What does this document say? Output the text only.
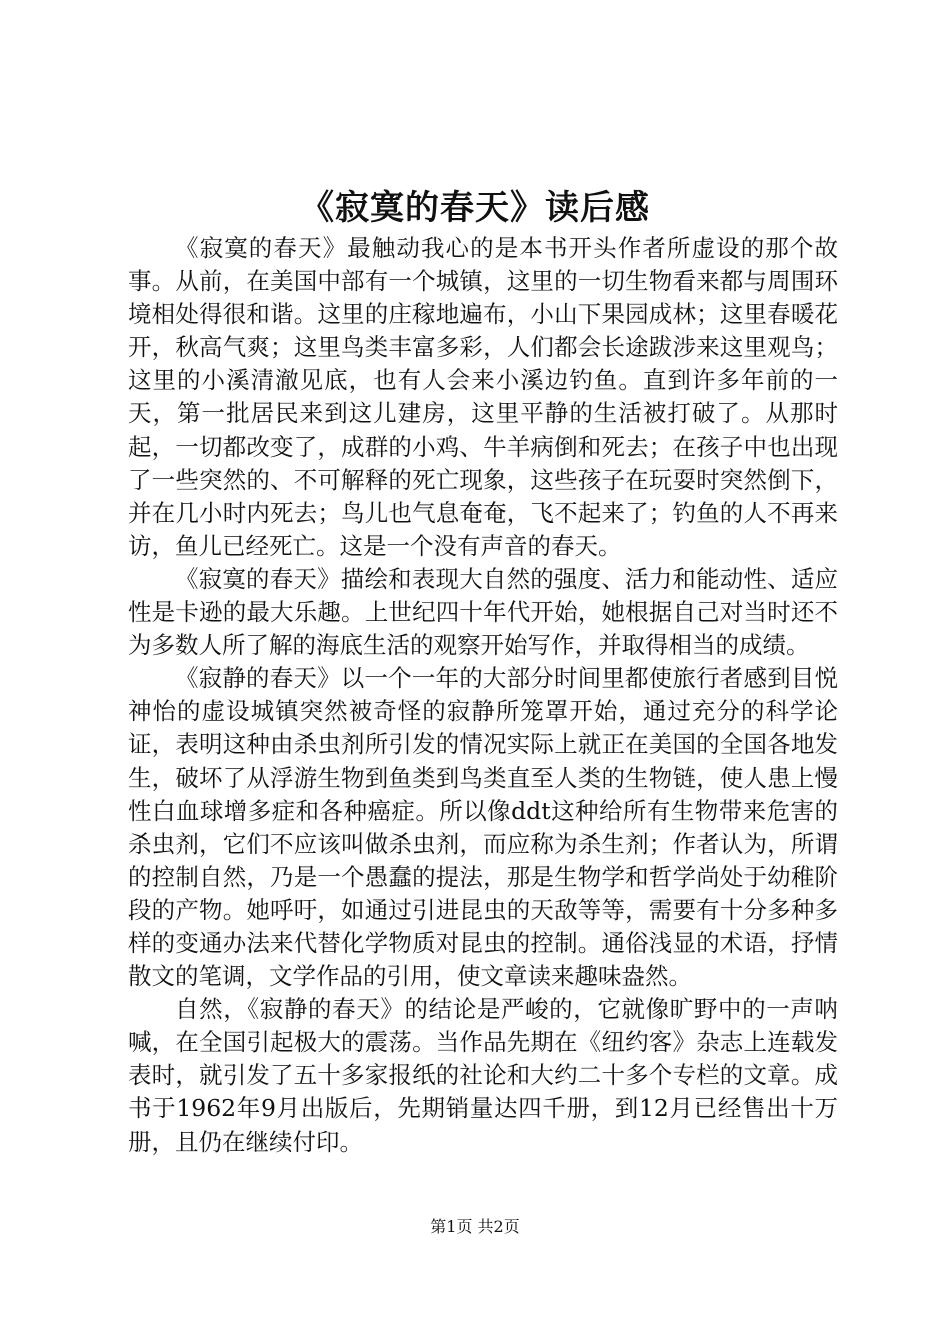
《寂寞的春天》读后感

《寂寞的春天》最触动我心的是本书开头作者所虚设的那个故事。从前，在美国中部有一个城镇，这里的一切生物看来都与周围环境相处得很和谐。这里的庄稼地遍布，小山下果园成林；这里春暖花开，秋高气爽；这里鸟类丰富多彩，人们都会长途跋涉来这里观鸟；这里的小溪清澈见底，也有人会来小溪边钓鱼。直到许多年前的一天，第一批居民来到这儿建房，这里平静的生活被打破了。从那时起，一切都改变了，成群的小鸡、牛羊病倒和死去；在孩子中也出现了一些突然的、不可解释的死亡现象，这些孩子在玩耍时突然倒下，并在几小时内死去；鸟儿也气息奄奄，飞不起来了；钓鱼的人不再来访，鱼儿已经死亡。这是一个没有声音的春天。

《寂寞的春天》描绘和表现大自然的强度、活力和能动性、适应性是卡逊的最大乐趣。上世纪四十年代开始，她根据自己对当时还不为多数人所了解的海底生活的观察开始写作，并取得相当的成绩。

《寂静的春天》以一个一年的大部分时间里都使旅行者感到目悦神怡的虚设城镇突然被奇怪的寂静所笼罩开始，通过充分的科学论证，表明这种由杀虫剂所引发的情况实际上就正在美国的全国各地发生，破坏了从浮游生物到鱼类到鸟类直至人类的生物链，使人患上慢性白血球增多症和各种癌症。所以像ddt这种给所有生物带来危害的杀虫剂，它们不应该叫做杀虫剂，而应称为杀生剂；作者认为，所谓的控制自然，乃是一个愚蠢的提法，那是生物学和哲学尚处于幼稚阶段的产物。她呼吁，如通过引进昆虫的天敌等等，需要有十分多种多样的变通办法来代替化学物质对昆虫的控制。通俗浅显的术语，抒情散文的笔调，文学作品的引用，使文章读来趣味盎然。

自然，《寂静的春天》的结论是严峻的，它就像旷野中的一声呐喊，在全国引起极大的震荡。当作品先期在《纽约客》杂志上连载发表时，就引发了五十多家报纸的社论和大约二十多个专栏的文章。成书于1962年9月出版后，先期销量达四千册，到12月已经售出十万册，且仍在继续付印。

第1页 共2页
